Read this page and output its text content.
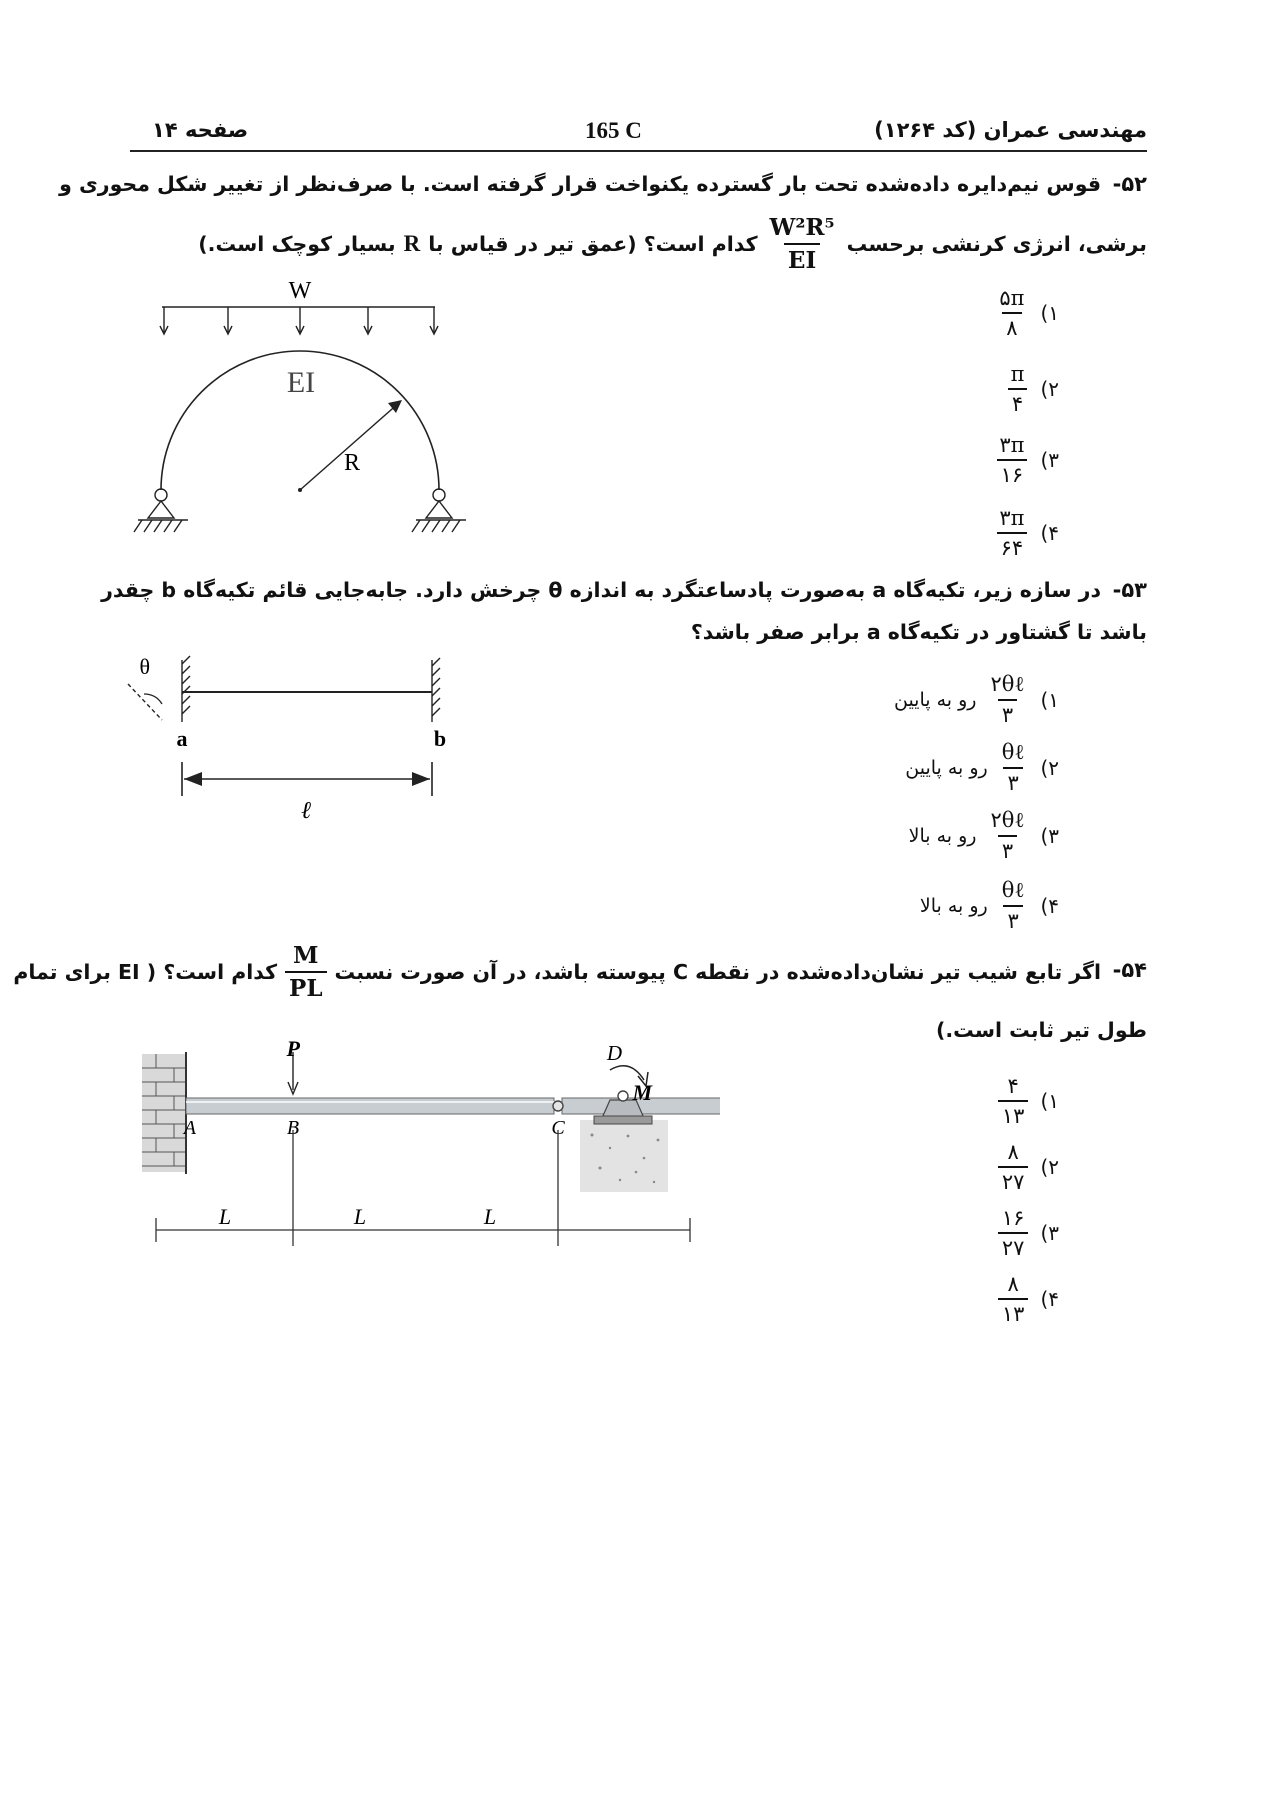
مهندسی عمران (کد ۱۲۶۴)
165 C
صفحه ۱۴
۵۲-
قوس نیم‌دایره داده‌شده تحت بار گسترده یکنواخت قرار گرفته است. با صرف‌نظر از تغییر شکل محوری و
برشی، انرژی کرنشی برحسب
$\frac{\text{W²R⁵}}{EI}$
کدام است؟ (عمق تیر در قیاس با
R
بسیار کوچک است.)
۱)
$\frac{۵\pi}{۸}$
۲)
$\frac{\pi}{۴}$
۳)
$\frac{۳\pi}{۱۶}$
۴)
$\frac{۳\pi}{۶۴}$
W
EI
R
۵۳-
در سازه زیر، تکیه‌گاه a به‌صورت پادساعتگرد به اندازه θ چرخش دارد. جابه‌جایی قائم تکیه‌گاه b چقدر
باشد تا گشتاور در تکیه‌گاه a برابر صفر باشد؟
۱)
$\frac{\text{۲θℓ}}{۳}$
رو به پایین
۲)
$\frac{\text{θℓ}}{۳}$
رو به پایین
۳)
$\frac{\text{۲θℓ}}{۳}$
رو به بالا
۴)
$\frac{\text{θℓ}}{۳}$
رو به بالا
θ
a	b
ℓ
۵۴-
اگر تابع شیب تیر نشان‌داده‌شده در نقطه C پیوسته باشد، در آن صورت نسبت
$\frac{M}{PL}$
کدام است؟ ( EI برای تمام
طول تیر ثابت است.)
۱)
$\frac{۴}{۱۳}$
۲)
$\frac{۸}{۲۷}$
۳)
$\frac{۱۶}{۲۷}$
۴)
$\frac{۸}{۱۳}$
P
A	B	C
L	L	L
D
M
